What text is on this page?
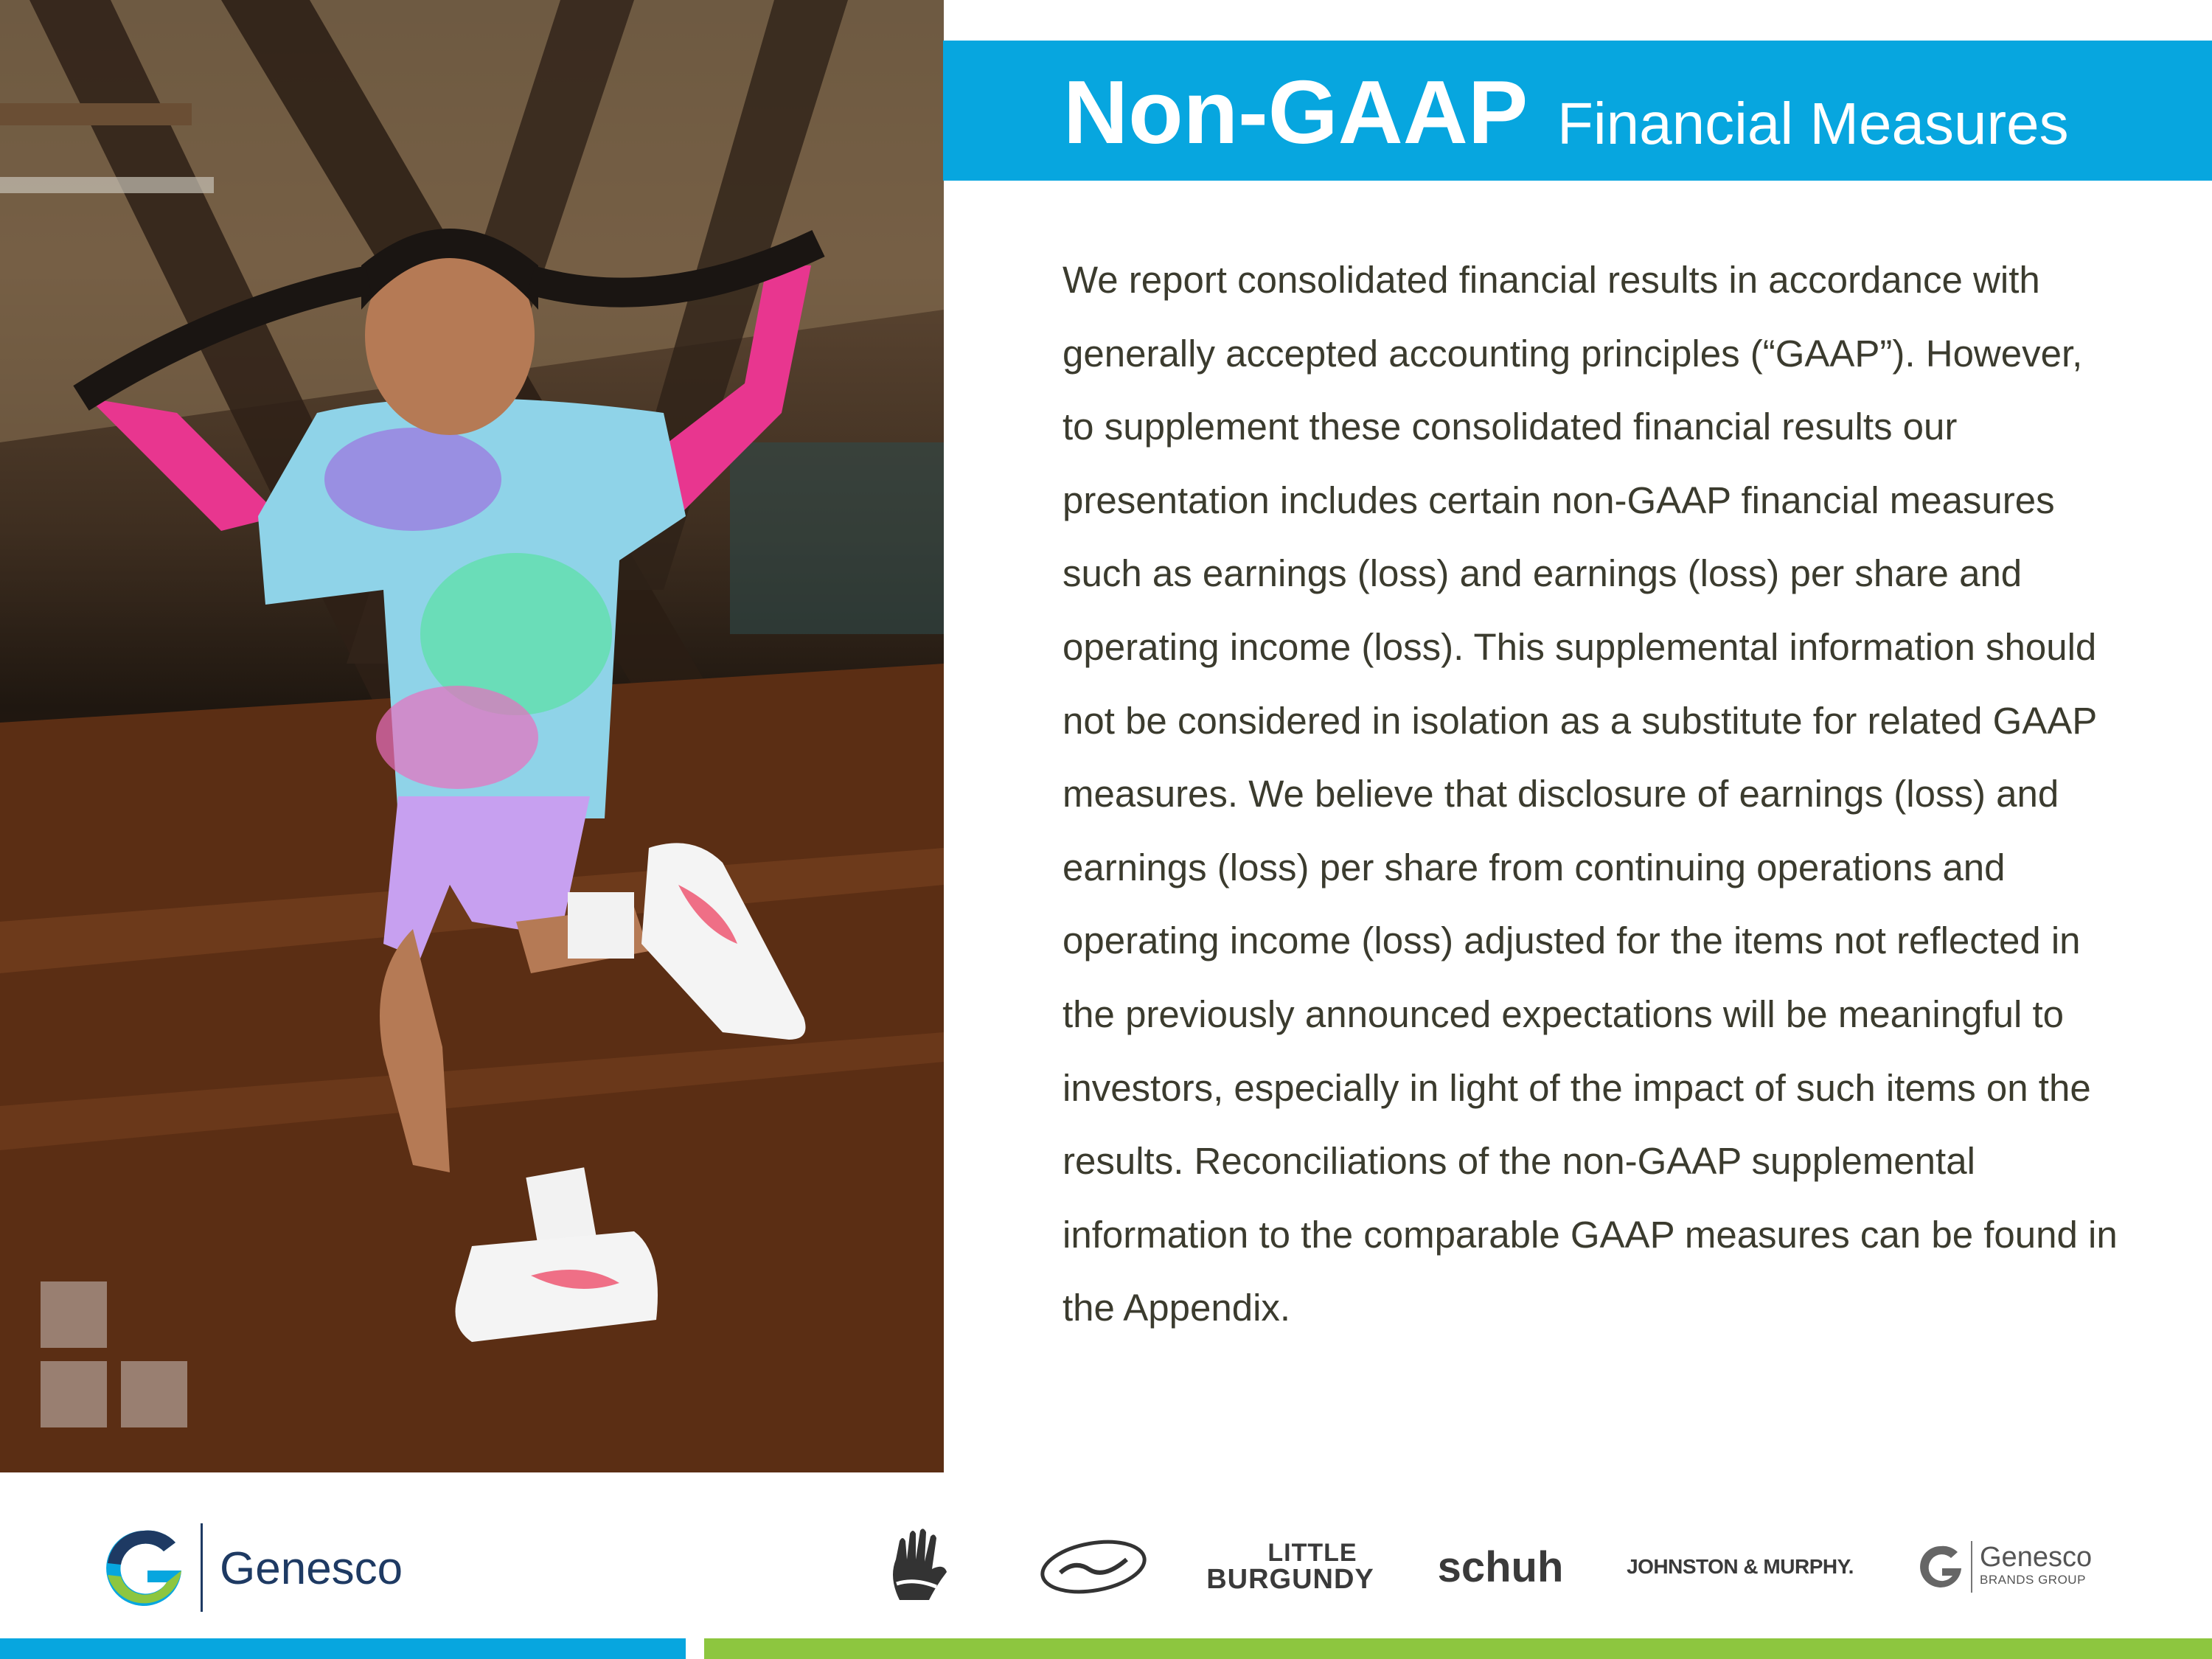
Non-GAAP Financial Measures

We report consolidated financial results in accordance with generally accepted accounting principles (“GAAP”). However, to supplement these consolidated financial results our presentation includes certain non-GAAP financial measures such as earnings (loss) and earnings (loss) per share and operating income (loss). This supplemental information should not be considered in isolation as a substitute for related GAAP measures. We believe that disclosure of earnings (loss) and earnings (loss) per share from continuing operations and operating income (loss) adjusted for the items not reflected in the previously announced expectations will be meaningful to investors, especially in light of the impact of such items on the results. Reconciliations of the non-GAAP supplemental information to the comparable GAAP measures can be found in the Appendix.

Genesco	LITTLE
BURGUNDY schuh	JOHNSTON & MURPHY.	Genesco
BRANDS GROUP
